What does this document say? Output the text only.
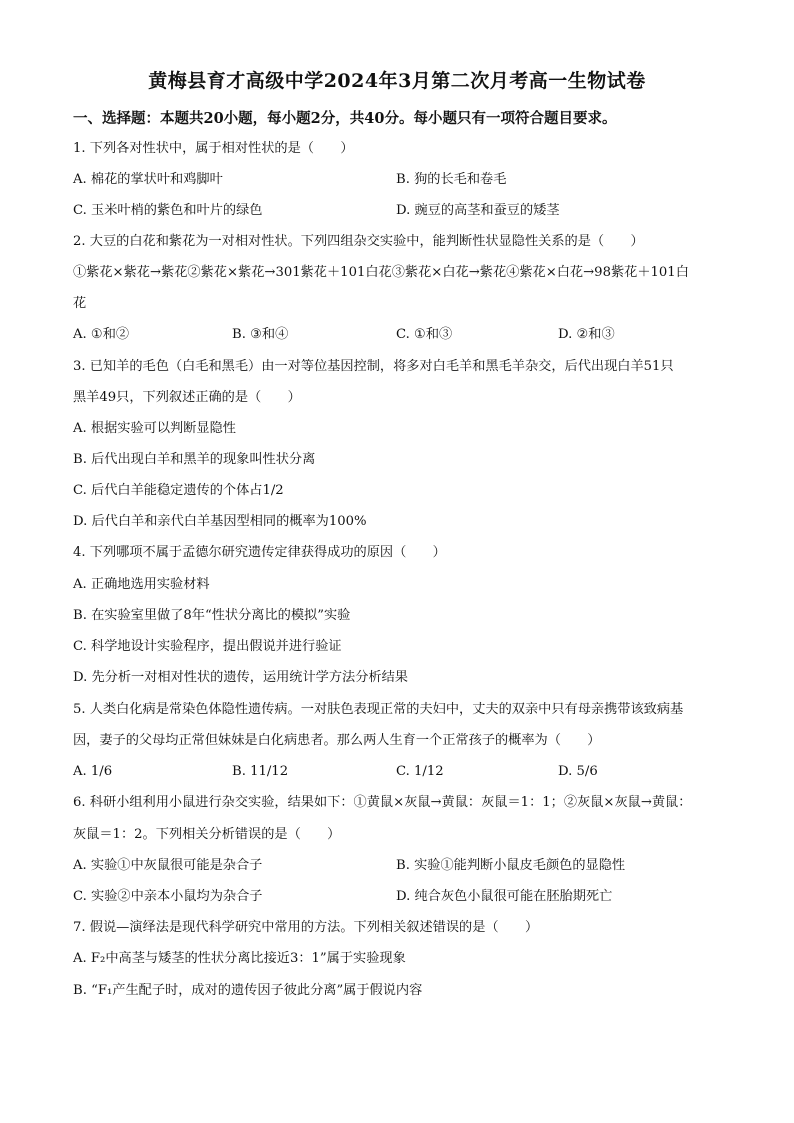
黄梅县育才高级中学2024年3月第二次月考高一生物试卷
一、选择题：本题共20小题，每小题2分，共40分。每小题只有一项符合题目要求。
1. 下列各对性状中，属于相对性状的是（　　）
A. 棉花的掌状叶和鸡脚叶	B. 狗的长毛和卷毛
C. 玉米叶梢的紫色和叶片的绿色	D. 豌豆的高茎和蚕豆的矮茎
2. 大豆的白花和紫花为一对相对性状。下列四组杂交实验中，能判断性状显隐性关系的是（　　）
①紫花×紫花→紫花②紫花×紫花→301紫花＋101白花③紫花×白花→紫花④紫花×白花→98紫花＋101白
花
A. ①和②	B. ③和④	C. ①和③	D. ②和③
3. 已知羊的毛色（白毛和黑毛）由一对等位基因控制，将多对白毛羊和黑毛羊杂交，后代出现白羊51只
黑羊49只，下列叙述正确的是（　　）
A. 根据实验可以判断显隐性
B. 后代出现白羊和黑羊的现象叫性状分离
C. 后代白羊能稳定遗传的个体占1/2
D. 后代白羊和亲代白羊基因型相同的概率为100%
4. 下列哪项不属于孟德尔研究遗传定律获得成功的原因（　　）
A. 正确地选用实验材料
B. 在实验室里做了8年“性状分离比的模拟”实验
C. 科学地设计实验程序，提出假说并进行验证
D. 先分析一对相对性状的遗传，运用统计学方法分析结果
5. 人类白化病是常染色体隐性遗传病。一对肤色表现正常的夫妇中，丈夫的双亲中只有母亲携带该致病基
因，妻子的父母均正常但妹妹是白化病患者。那么两人生育一个正常孩子的概率为（　　）
A. 1/6	B. 11/12	C. 1/12	D. 5/6
6. 科研小组利用小鼠进行杂交实验，结果如下：①黄鼠×灰鼠→黄鼠：灰鼠＝1：1；②灰鼠×灰鼠→黄鼠：
灰鼠＝1：2。下列相关分析错误的是（　　）
A. 实验①中灰鼠很可能是杂合子	B. 实验①能判断小鼠皮毛颜色的显隐性
C. 实验②中亲本小鼠均为杂合子	D. 纯合灰色小鼠很可能在胚胎期死亡
7. 假说—演绎法是现代科学研究中常用的方法。下列相关叙述错误的是（　　）
A. F₂中高茎与矮茎的性状分离比接近3：1”属于实验现象
B. “F₁产生配子时，成对的遗传因子彼此分离”属于假说内容
